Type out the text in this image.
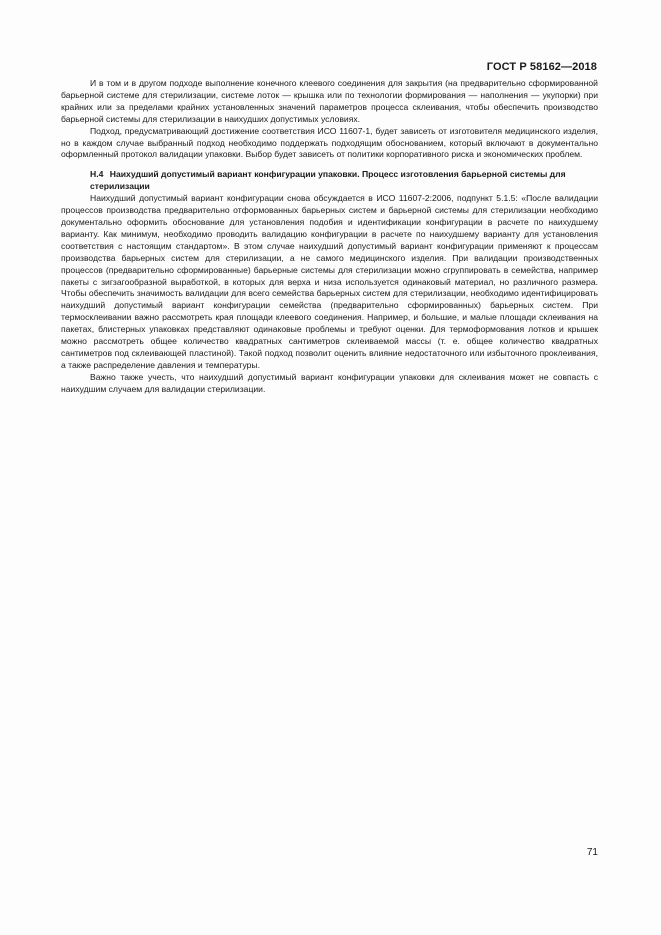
ГОСТ Р 58162—2018

И в том и в другом подходе выполнение конечного клеевого соединения для закрытия (на предварительно сформированной барьерной системе для стерилизации, системе лоток — крышка или по технологии формирования — наполнения — укупорки) при крайних или за пределами крайних установленных значений параметров процесса склеивания, чтобы обеспечить производство барьерной системы для стерилизации в наихудших допустимых условиях.

Подход, предусматривающий достижение соответствия ИСО 11607-1, будет зависеть от изготовителя медицинского изделия, но в каждом случае выбранный подход необходимо поддержать подходящим обоснованием, который включают в документально оформленный протокол валидации упаковки. Выбор будет зависеть от политики корпоративного риска и экономических проблем.

Н.4 Наихудший допустимый вариант конфигурации упаковки. Процесс изготовления барьерной системы для стерилизации

Наихудший допустимый вариант конфигурации снова обсуждается в ИСО 11607-2:2006, подпункт 5.1.5: «После валидации процессов производства предварительно отформованных барьерных систем и барьерной системы для стерилизации необходимо документально оформить обоснование для установления подобия и идентификации конфигурации в расчете по наихудшему варианту. Как минимум, необходимо проводить валидацию конфигурации в расчете по наихудшему варианту для установления соответствия с настоящим стандартом». В этом случае наихудший допустимый вариант конфигурации применяют к процессам производства барьерных систем для стерилизации, а не самого медицинского изделия. При валидации производственных процессов (предварительно сформированные) барьерные системы для стерилизации можно сгруппировать в семейства, например пакеты с зигзагообразной выработкой, в которых для верха и низа используется одинаковый материал, но различного размера. Чтобы обеспечить значимость валидации для всего семейства барьерных систем для стерилизации, необходимо идентифицировать наихудший допустимый вариант конфигурации семейства (предварительно сформированных) барьерных систем. При термосклеивании важно рассмотреть края площади клеевого соединения. Например, и большие, и малые площади склеивания на пакетах, блистерных упаковках представляют одинаковые проблемы и требуют оценки. Для термоформования лотков и крышек можно рассмотреть общее количество квадратных сантиметров склеиваемой массы (т. е. общее количество квадратных сантиметров под склеивающей пластиной). Такой подход позволит оценить влияние недостаточного или избыточного проклеивания, а также распределение давления и температуры.

Важно также учесть, что наихудший допустимый вариант конфигурации упаковки для склеивания может не совпасть с наихудшим случаем для валидации стерилизации.

71
